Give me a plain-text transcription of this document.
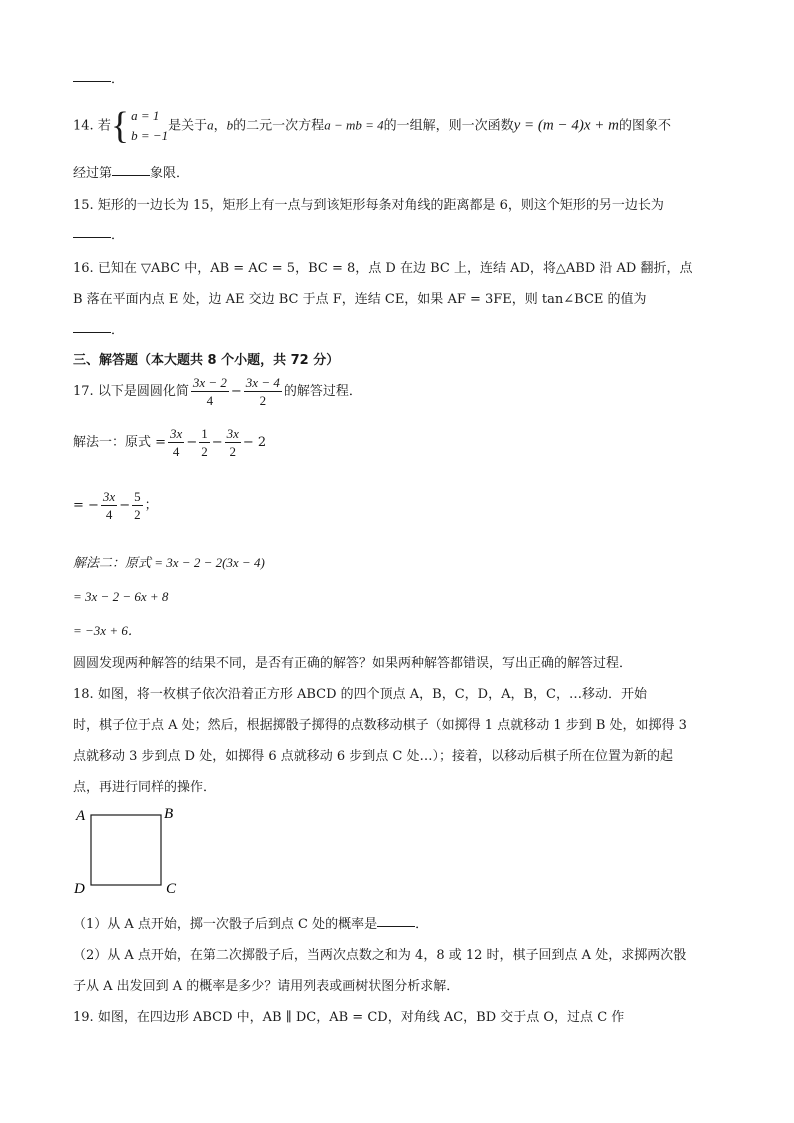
．
14. 若 { a = 1
b = −1
是关于a，b的二元一次方程a − mb = 4的一组解，则一次函数y = (m − 4)x + m的图象不
经过第	象限．
15. 矩形的一边长为 15，矩形上有一点与到该矩形每条对角线的距离都是 6，则这个矩形的另一边长为
．
16. 已知在 ▽ABC 中，AB = AC = 5，BC = 8，点 D 在边 BC 上，连结 AD，将△ABD 沿 AD 翻折，点
B 落在平面内点 E 处，边 AE 交边 BC 于点 F，连结 CE，如果 AF = 3FE，则 tan∠BCE 的值为
．
三、解答题（本大题共 8 个小题，共 72 分）
17. 以下是圆圆化简 $\frac{3x - 2}{4} - \frac{3x - 4}{2}$ 的解答过程．
解法一：原式 = $\frac{3x}{4} - \frac{1}{2} - \frac{3x}{2} - 2$
= − $\frac{3x}{4} - \frac{5}{2}$ ；
解法二：原式 = 3x − 2 − 2(3x − 4)
= 3x − 2 − 6x + 8
= −3x + 6．
圆圆发现两种解答的结果不同，是否有正确的解答？如果两种解答都错误，写出正确的解答过程．
18. 如图，将一枚棋子依次沿着正方形 ABCD 的四个顶点 A，B，C，D，A，B，C，…移动．开始
时，棋子位于点 A 处；然后，根据掷骰子掷得的点数移动棋子（如掷得 1 点就移动 1 步到 B 处，如掷得 3
点就移动 3 步到点 D 处，如掷得 6 点就移动 6 步到点 C 处…）；接着，以移动后棋子所在位置为新的起
点，再进行同样的操作．
A	B
C
D
（1）从 A 点开始，掷一次骰子后到点 C 处的概率是	．
（2）从 A 点开始，在第二次掷骰子后，当两次点数之和为 4，8 或 12 时，棋子回到点 A 处，求掷两次骰
子从 A 出发回到 A 的概率是多少？请用列表或画树状图分析求解．
19. 如图，在四边形 ABCD 中，AB ∥ DC，AB = CD，对角线 AC，BD 交于点 O，过点 C 作
